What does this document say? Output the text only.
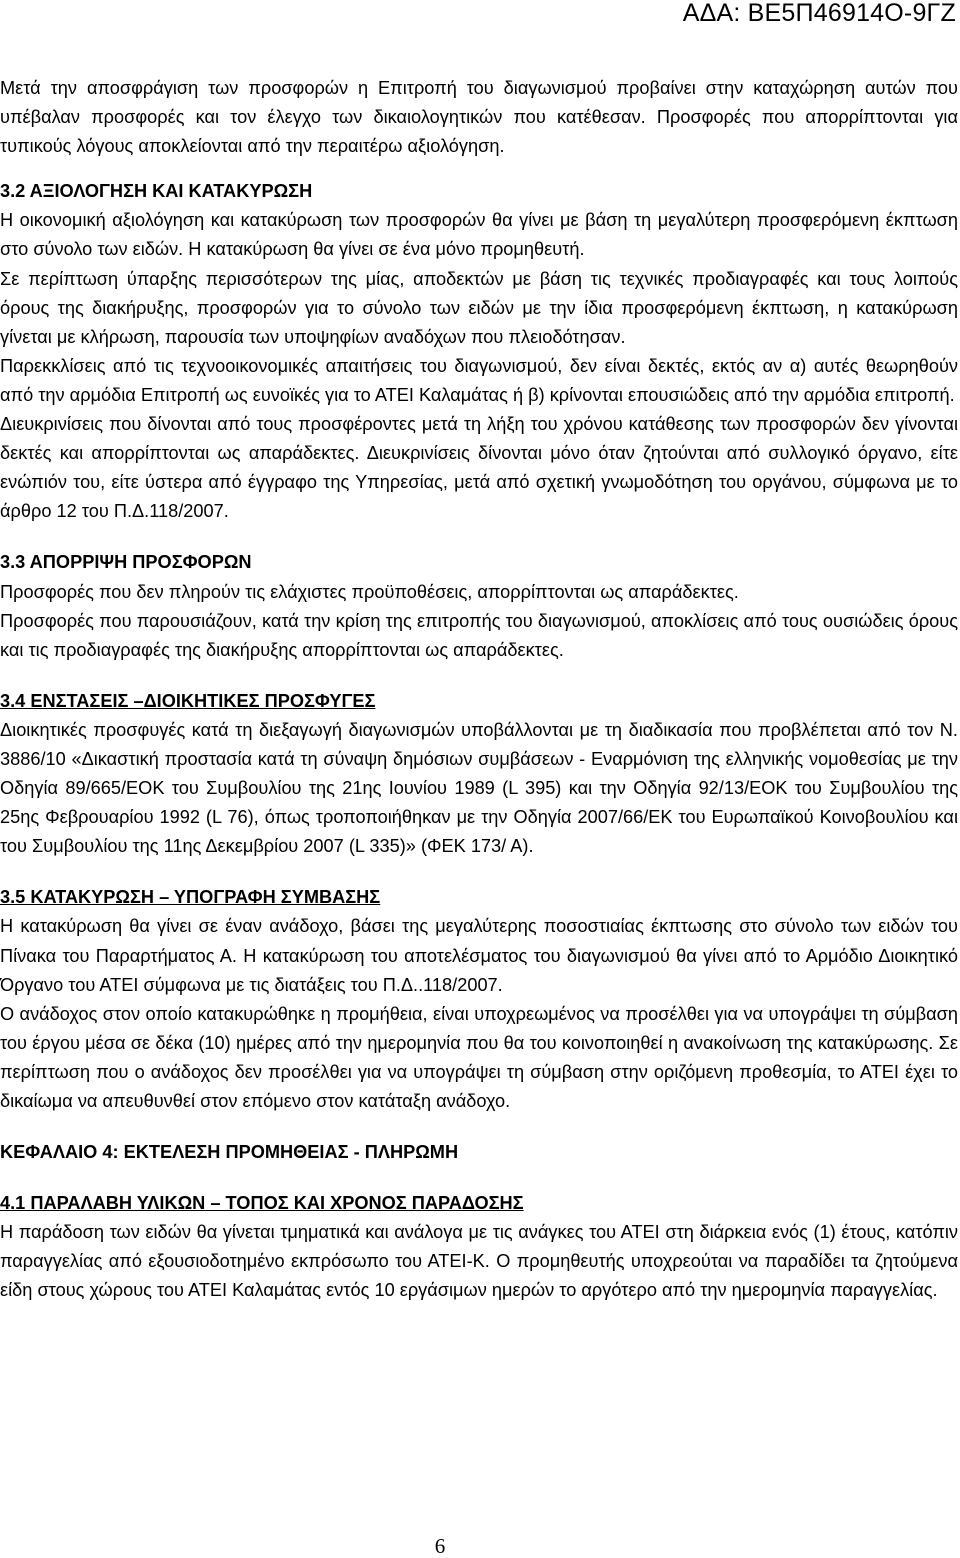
ΑΔΑ: ΒΕ5Π46914Ο-9ΓΖ

Μετά την αποσφράγιση των προσφορών η Επιτροπή του διαγωνισμού προβαίνει στην καταχώρηση αυτών που υπέβαλαν προσφορές και τον έλεγχο των δικαιολογητικών που κατέθεσαν. Προσφορές που απορρίπτονται για τυπικούς λόγους αποκλείονται από την περαιτέρω αξιολόγηση.

3.2 ΑΞΙΟΛΟΓΗΣΗ ΚΑΙ ΚΑΤΑΚΥΡΩΣΗ

Η οικονομική αξιολόγηση και κατακύρωση των προσφορών θα γίνει με βάση τη μεγαλύτερη προσφερόμενη έκπτωση στο σύνολο των ειδών. Η κατακύρωση θα γίνει σε ένα μόνο προμηθευτή.

Σε περίπτωση ύπαρξης περισσότερων της μίας, αποδεκτών με βάση τις τεχνικές προδιαγραφές και τους λοιπούς όρους της διακήρυξης, προσφορών για το σύνολο των ειδών με την ίδια προσφερόμενη έκπτωση, η κατακύρωση γίνεται με κλήρωση, παρουσία των υποψηφίων αναδόχων που πλειοδότησαν.

Παρεκκλίσεις από τις τεχνοοικονομικές απαιτήσεις του διαγωνισμού, δεν είναι δεκτές, εκτός αν α) αυτές θεωρηθούν από την αρμόδια Επιτροπή ως ευνοϊκές για το ΑΤΕΙ Καλαμάτας ή β) κρίνονται επουσιώδεις από την αρμόδια επιτροπή.

Διευκρινίσεις που δίνονται από τους προσφέροντες μετά τη λήξη του χρόνου κατάθεσης των προσφορών δεν γίνονται δεκτές και απορρίπτονται ως απαράδεκτες. Διευκρινίσεις δίνονται μόνο όταν ζητούνται από συλλογικό όργανο, είτε ενώπιόν του, είτε ύστερα από έγγραφο της Υπηρεσίας, μετά από σχετική γνωμοδότηση του οργάνου, σύμφωνα με το άρθρο 12 του Π.Δ.118/2007.

3.3 ΑΠΟΡΡΙΨΗ ΠΡΟΣΦΟΡΩΝ

Προσφορές που δεν πληρούν τις ελάχιστες προϋποθέσεις, απορρίπτονται ως απαράδεκτες.

Προσφορές που παρουσιάζουν, κατά την κρίση της επιτροπής του διαγωνισμού, αποκλίσεις από τους ουσιώδεις όρους και τις προδιαγραφές της διακήρυξης απορρίπτονται ως απαράδεκτες.

3.4 ΕΝΣΤΑΣΕΙΣ –ΔΙΟΙΚΗΤΙΚΕΣ ΠΡΟΣΦΥΓΕΣ

Διοικητικές προσφυγές κατά τη διεξαγωγή διαγωνισμών υποβάλλονται με τη διαδικασία που προβλέπεται από τον Ν. 3886/10 «Δικαστική προστασία κατά τη σύναψη δημόσιων συμβάσεων - Εναρμόνιση της ελληνικής νομοθεσίας με την Οδηγία 89/665/ΕΟΚ του Συμβουλίου της 21ης Ιουνίου 1989 (L 395) και την Οδηγία 92/13/ΕΟΚ του Συμβουλίου της 25ης Φεβρουαρίου 1992 (L 76), όπως τροποποιήθηκαν με την Οδηγία 2007/66/ΕΚ του Ευρωπαϊκού Κοινοβουλίου και του Συμβουλίου της 11ης Δεκεμβρίου 2007 (L 335)» (ΦΕΚ 173/ Α).

3.5 ΚΑΤΑΚΥΡΩΣΗ – ΥΠΟΓΡΑΦΗ ΣΥΜΒΑΣΗΣ

Η κατακύρωση θα γίνει σε έναν ανάδοχο, βάσει της μεγαλύτερης ποσοστιαίας έκπτωσης στο σύνολο των ειδών του Πίνακα του Παραρτήματος Α. Η κατακύρωση του αποτελέσματος του διαγωνισμού θα γίνει από το Αρμόδιο Διοικητικό Όργανο του ΑΤΕΙ σύμφωνα με τις διατάξεις του Π.Δ..118/2007.

Ο ανάδοχος στον οποίο κατακυρώθηκε η προμήθεια, είναι υποχρεωμένος να προσέλθει για να υπογράψει τη σύμβαση του έργου μέσα σε δέκα (10) ημέρες από την ημερομηνία που θα του κοινοποιηθεί η ανακοίνωση της κατακύρωσης. Σε περίπτωση που ο ανάδοχος δεν προσέλθει για να υπογράψει τη σύμβαση στην οριζόμενη προθεσμία, το ΑΤΕΙ έχει το δικαίωμα να απευθυνθεί στον επόμενο στον κατάταξη ανάδοχο.

ΚΕΦΑΛΑΙΟ 4: ΕΚΤΕΛΕΣΗ ΠΡΟΜΗΘΕΙΑΣ - ΠΛΗΡΩΜΗ
4.1 ΠΑΡΑΛΑΒΗ ΥΛΙΚΩΝ – ΤΟΠΟΣ ΚΑΙ ΧΡΟΝΟΣ ΠΑΡΑΔΟΣΗΣ

Η παράδοση των ειδών θα γίνεται τμηματικά και ανάλογα με τις ανάγκες του ΑΤΕΙ στη διάρκεια ενός (1) έτους, κατόπιν παραγγελίας από εξουσιοδοτημένο εκπρόσωπο του ΑΤΕΙ-Κ. Ο προμηθευτής υποχρεούται να παραδίδει τα ζητούμενα είδη στους χώρους του ΑΤΕΙ Καλαμάτας εντός 10 εργάσιμων ημερών το αργότερο από την ημερομηνία παραγγελίας.

6
